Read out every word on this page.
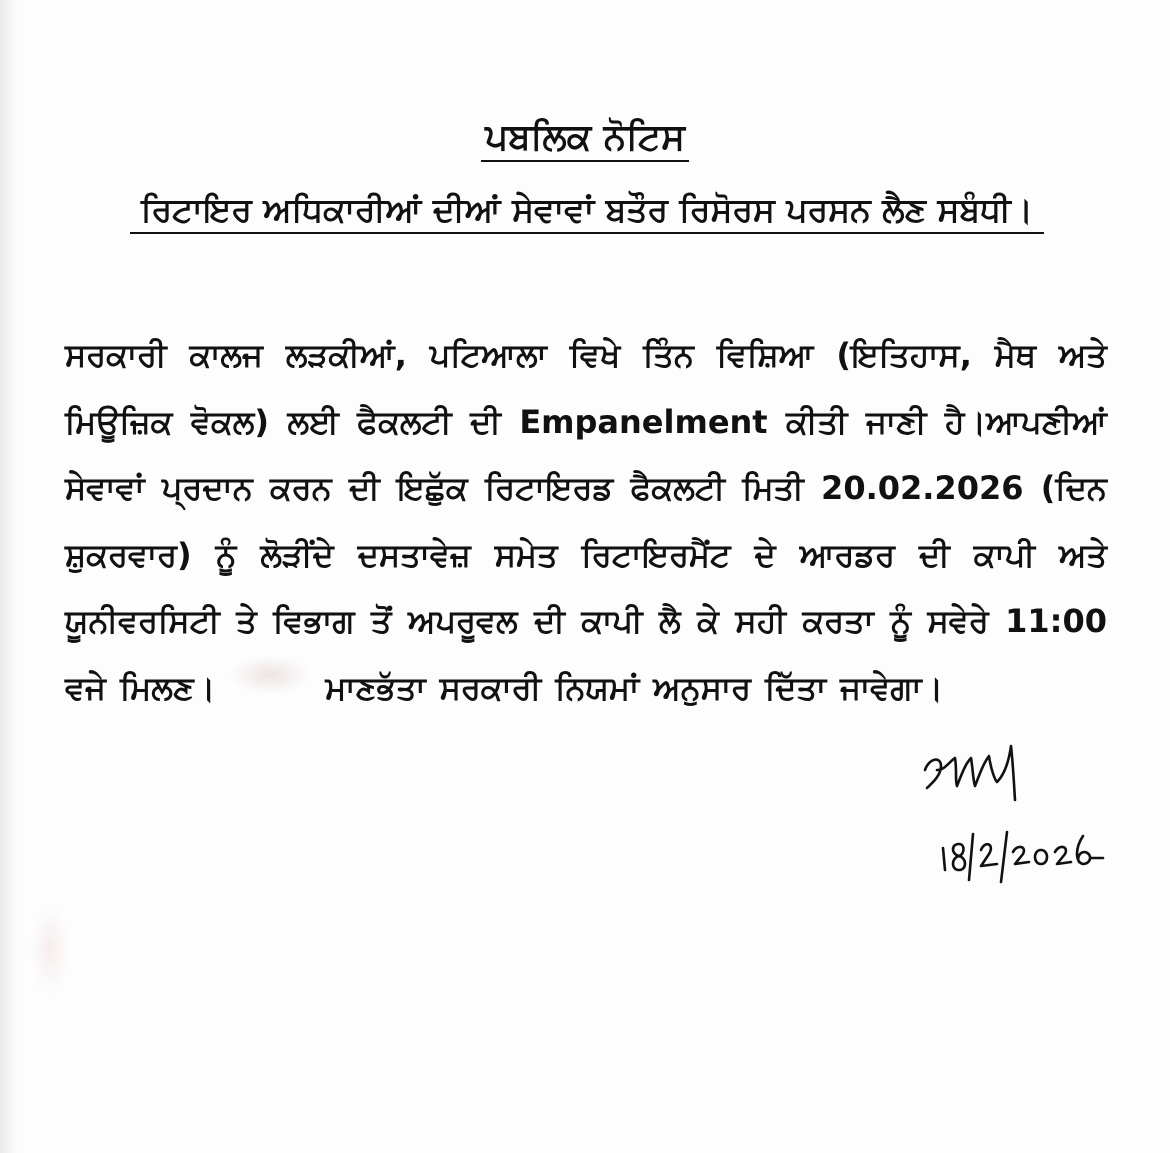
ਪਬਲਿਕ ਨੋਟਿਸ
ਰਿਟਾਇਰ ਅਧਿਕਾਰੀਆਂ ਦੀਆਂ ਸੇਵਾਵਾਂ ਬਤੌਰ ਰਿਸੋਰਸ ਪਰਸਨ ਲੈਣ ਸਬੰਧੀ।
ਸਰਕਾਰੀ ਕਾਲਜ ਲੜਕੀਆਂ, ਪਟਿਆਲਾ ਵਿਖੇ ਤਿੰਨ ਵਿਸ਼ਿਆ (ਇਤਿਹਾਸ, ਮੈਥ ਅਤੇ
ਮਿਊਜ਼ਿਕ ਵੋਕਲ) ਲਈ ਫੈਕਲਟੀ ਦੀ Empanelment ਕੀਤੀ ਜਾਣੀ ਹੈ।ਆਪਣੀਆਂ
ਸੇਵਾਵਾਂ ਪ੍ਰਦਾਨ ਕਰਨ ਦੀ ਇਛੁੱਕ ਰਿਟਾਇਰਡ ਫੈਕਲਟੀ ਮਿਤੀ 20.02.2026 (ਦਿਨ
ਸ਼ੁਕਰਵਾਰ) ਨੂੰ ਲੋੜੀਂਦੇ ਦਸਤਾਵੇਜ਼ ਸਮੇਤ ਰਿਟਾਇਰਮੈਂਟ ਦੇ ਆਰਡਰ ਦੀ ਕਾਪੀ ਅਤੇ
ਯੂਨੀਵਰਸਿਟੀ ਤੇ ਵਿਭਾਗ ਤੋਂ ਅਪਰੂਵਲ ਦੀ ਕਾਪੀ ਲੈ ਕੇ ਸਹੀ ਕਰਤਾ ਨੂੰ ਸਵੇਰੇ 11:00
ਵਜੇ ਮਿਲਣ।	ਮਾਣਭੱਤਾ ਸਰਕਾਰੀ ਨਿਯਮਾਂ ਅਨੁਸਾਰ ਦਿੱਤਾ ਜਾਵੇਗਾ।
